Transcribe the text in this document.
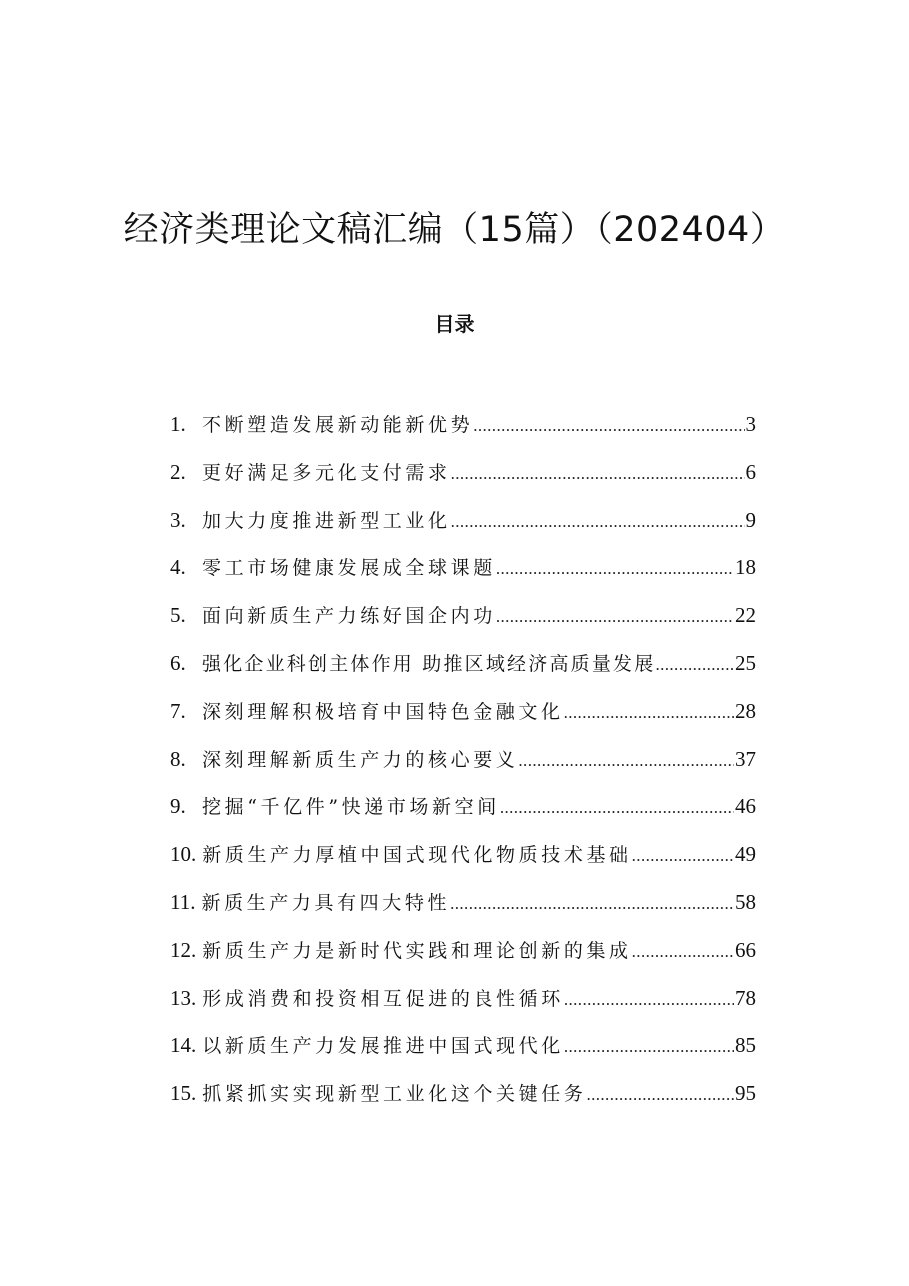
经济类理论文稿汇编（15篇）（202404）
目录
1. 不断塑造发展新动能新优势 .....	3
2. 更好满足多元化支付需求 .....	6
3. 加大力度推进新型工业化 .....	9
4. 零工市场健康发展成全球课题 .....	18
5. 面向新质生产力练好国企内功 .....	22
6. 强化企业科创主体作用 助推区域经济高质量发展 .....	25
7. 深刻理解积极培育中国特色金融文化 .....	28
8. 深刻理解新质生产力的核心要义 .....	37
9. 挖掘“千亿件”快递市场新空间 .....	46
10. 新质生产力厚植中国式现代化物质技术基础 .....	49
11. 新质生产力具有四大特性 .....	58
12. 新质生产力是新时代实践和理论创新的集成 .....	66
13. 形成消费和投资相互促进的良性循环 .....	78
14. 以新质生产力发展推进中国式现代化 .....	85
15. 抓紧抓实实现新型工业化这个关键任务 .....	95
